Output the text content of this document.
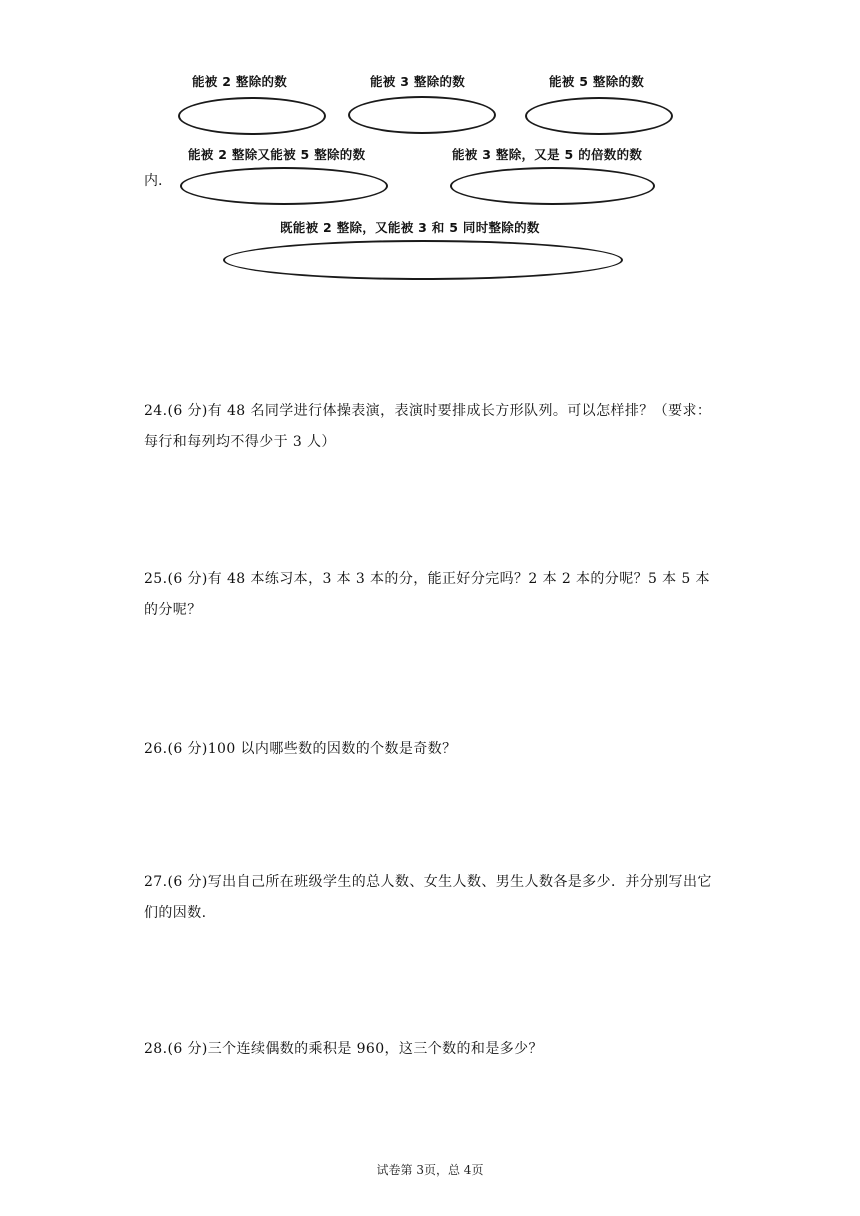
能被 2 整除的数	能被 3 整除的数	能被 5 整除的数
能被 2 整除又能被 5 整除的数
内.
能被 3 整除，又是 5 的倍数的数
既能被 2 整除，又能被 3 和 5 同时整除的数
24.(6 分)有 48 名同学进行体操表演，表演时要排成长方形队列。可以怎样排？（要求：每行和每列均不得少于 3 人）
25.(6 分)有 48 本练习本，3 本 3 本的分，能正好分完吗？2 本 2 本的分呢？5 本 5 本的分呢？
26.(6 分)100 以内哪些数的因数的个数是奇数？
27.(6 分)写出自己所在班级学生的总人数、女生人数、男生人数各是多少．并分别写出它们的因数.
28.(6 分)三个连续偶数的乘积是 960，这三个数的和是多少？
试卷第 3页，总 4页
